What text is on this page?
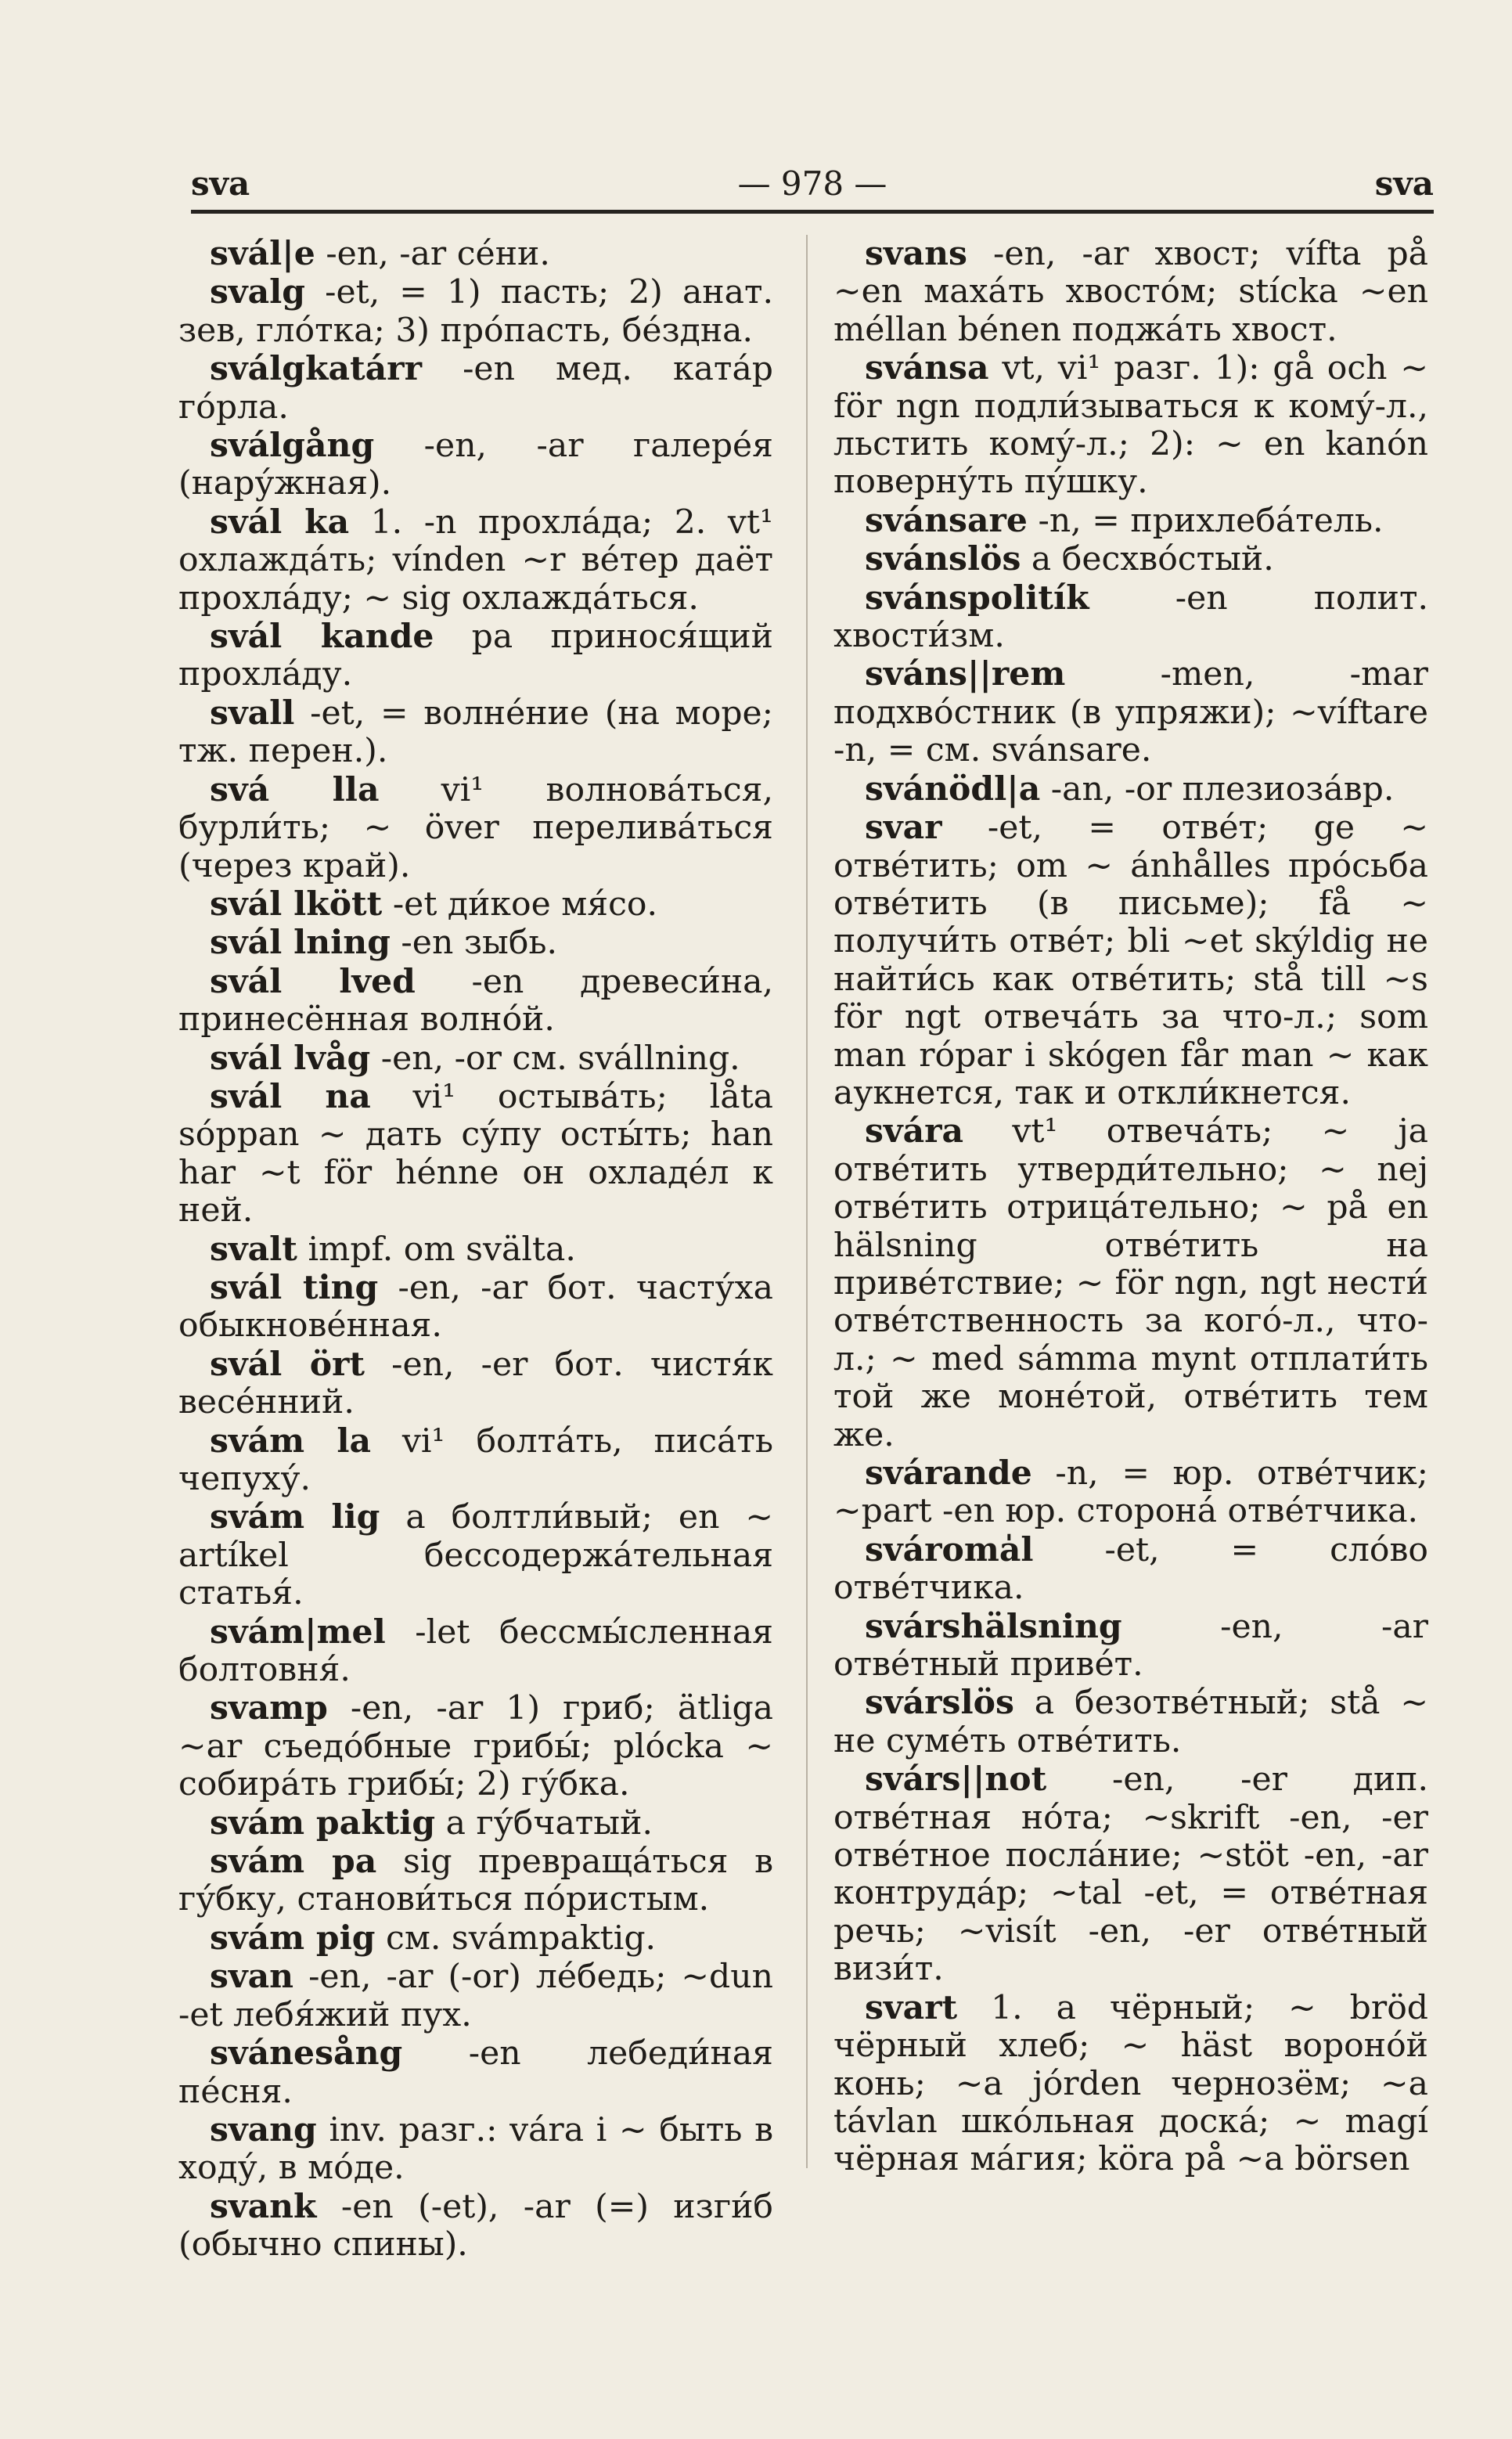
sva	— 978 —	sva

svál|e -en, -ar се́ни.

svalg -et, = 1) пасть; 2) анат. зев, гло́тка; 3) про́пасть, бе́здна.

sválgkatárr -en мед. ката́р го́рла.

sválgång -en, -ar галере́я (нару́жная).

svál ka 1. -n прохла́да; 2. vt¹ охлажда́ть; vínden ~r ве́тер даёт прохла́ду; ~ sig охлажда́ться.

svál kande pa принося́щий прохла́ду.

svall -et, = волне́ние (на море; тж. перен.).

svá lla vi¹ волнова́ться, бурли́ть; ~ över перелива́ться (через край).

svál lkött -et ди́кое мя́со.

svál lning -en зыбь.

svál lved -en древеси́на, принесённая волно́й.

svál lvåg -en, -or см. svállning.

svál na vi¹ остыва́ть; låta sóppan ~ дать су́пу осты́ть; han har ~t för hénne он охладе́л к ней.

svalt impf. om svälta.

svál ting -en, -ar бот. часту́ха обыкнове́нная.

svál ört -en, -er бот. чистя́к весе́нний.

svám la vi¹ болта́ть, писа́ть чепуху́.

svám lig a болтли́вый; en ~ artíkel бессодержа́тельная статья́.

svám|mel -let бессмы́сленная болтовня́.

svamp -en, -ar 1) гриб; ätliga ~ar съедо́бные грибы́; plócka ~ собира́ть грибы́; 2) гу́бка.

svám paktig a гу́бчатый.

svám pa sig превраща́ться в гу́бку, станови́ться по́ристым.

svám pig см. svámpaktig.

svan -en, -ar (-or) ле́бедь; ~dun -et лебя́жий пух.

svánesång -en лебеди́ная пе́сня.

svang inv. разг.: vára i ~ быть в ходу́, в мо́де.

svank -en (-et), -ar (=) изги́б (обычно спины).

svans -en, -ar хвост; vífta på ~en маха́ть хвосто́м; stícka ~en méllan bénen поджа́ть хвост.

svánsa vt, vi¹ разг. 1): gå och ~ för ngn подли́зываться к кому́-л., льстить кому́-л.; 2): ~ en kanón поверну́ть пу́шку.

svánsare -n, = прихлеба́тель.

svánslös a бесхво́стый.

svánspolitík -en полит. хвости́зм.

sváns||rem -men, -mar подхво́стник (в упряжи); ~víftare -n, = см. svánsare.

svánödl|a -an, -or плезиоза́вр.

svar -et, = отве́т; ge ~ отве́тить; om ~ ánhålles про́сьба отве́тить (в письме); få ~ получи́ть отве́т; bli ~et skýldig не найти́сь как отве́тить; stå till ~s för ngt отвеча́ть за что-л.; som man rópar i skógen får man ~ как аукнется, так и откли́кнется.

svára vt¹ отвеча́ть; ~ ja отве́тить утверди́тельно; ~ nej отве́тить отрица́тельно; ~ på en hälsning отве́тить на приве́тствие; ~ för ngn, ngt нести́ отве́тственность за кого́-л., что-л.; ~ med sámma mynt отплати́ть той же моне́той, отве́тить тем же.

svárande -n, = юр. отве́тчик; ~part -en юр. сторона́ отве́тчика.

svároma̍l -et, = сло́во отве́тчика.

svárshälsning -en, -ar отве́тный приве́т.

svárslös a безотве́тный; stå ~ не суме́ть отве́тить.

svárs||not -en, -er дип. отве́тная но́та; ~skrift -en, -er отве́тное посла́ние; ~stöt -en, -ar контруда́р; ~tal -et, = отве́тная речь; ~visít -en, -er отве́тный визи́т.

svart 1. a чёрный; ~ bröd чёрный хлеб; ~ häst вороно́й конь; ~a jórden чернозём; ~a távlan шко́льная доска́; ~ magí чёрная ма́гия; köra på ~a börsen
